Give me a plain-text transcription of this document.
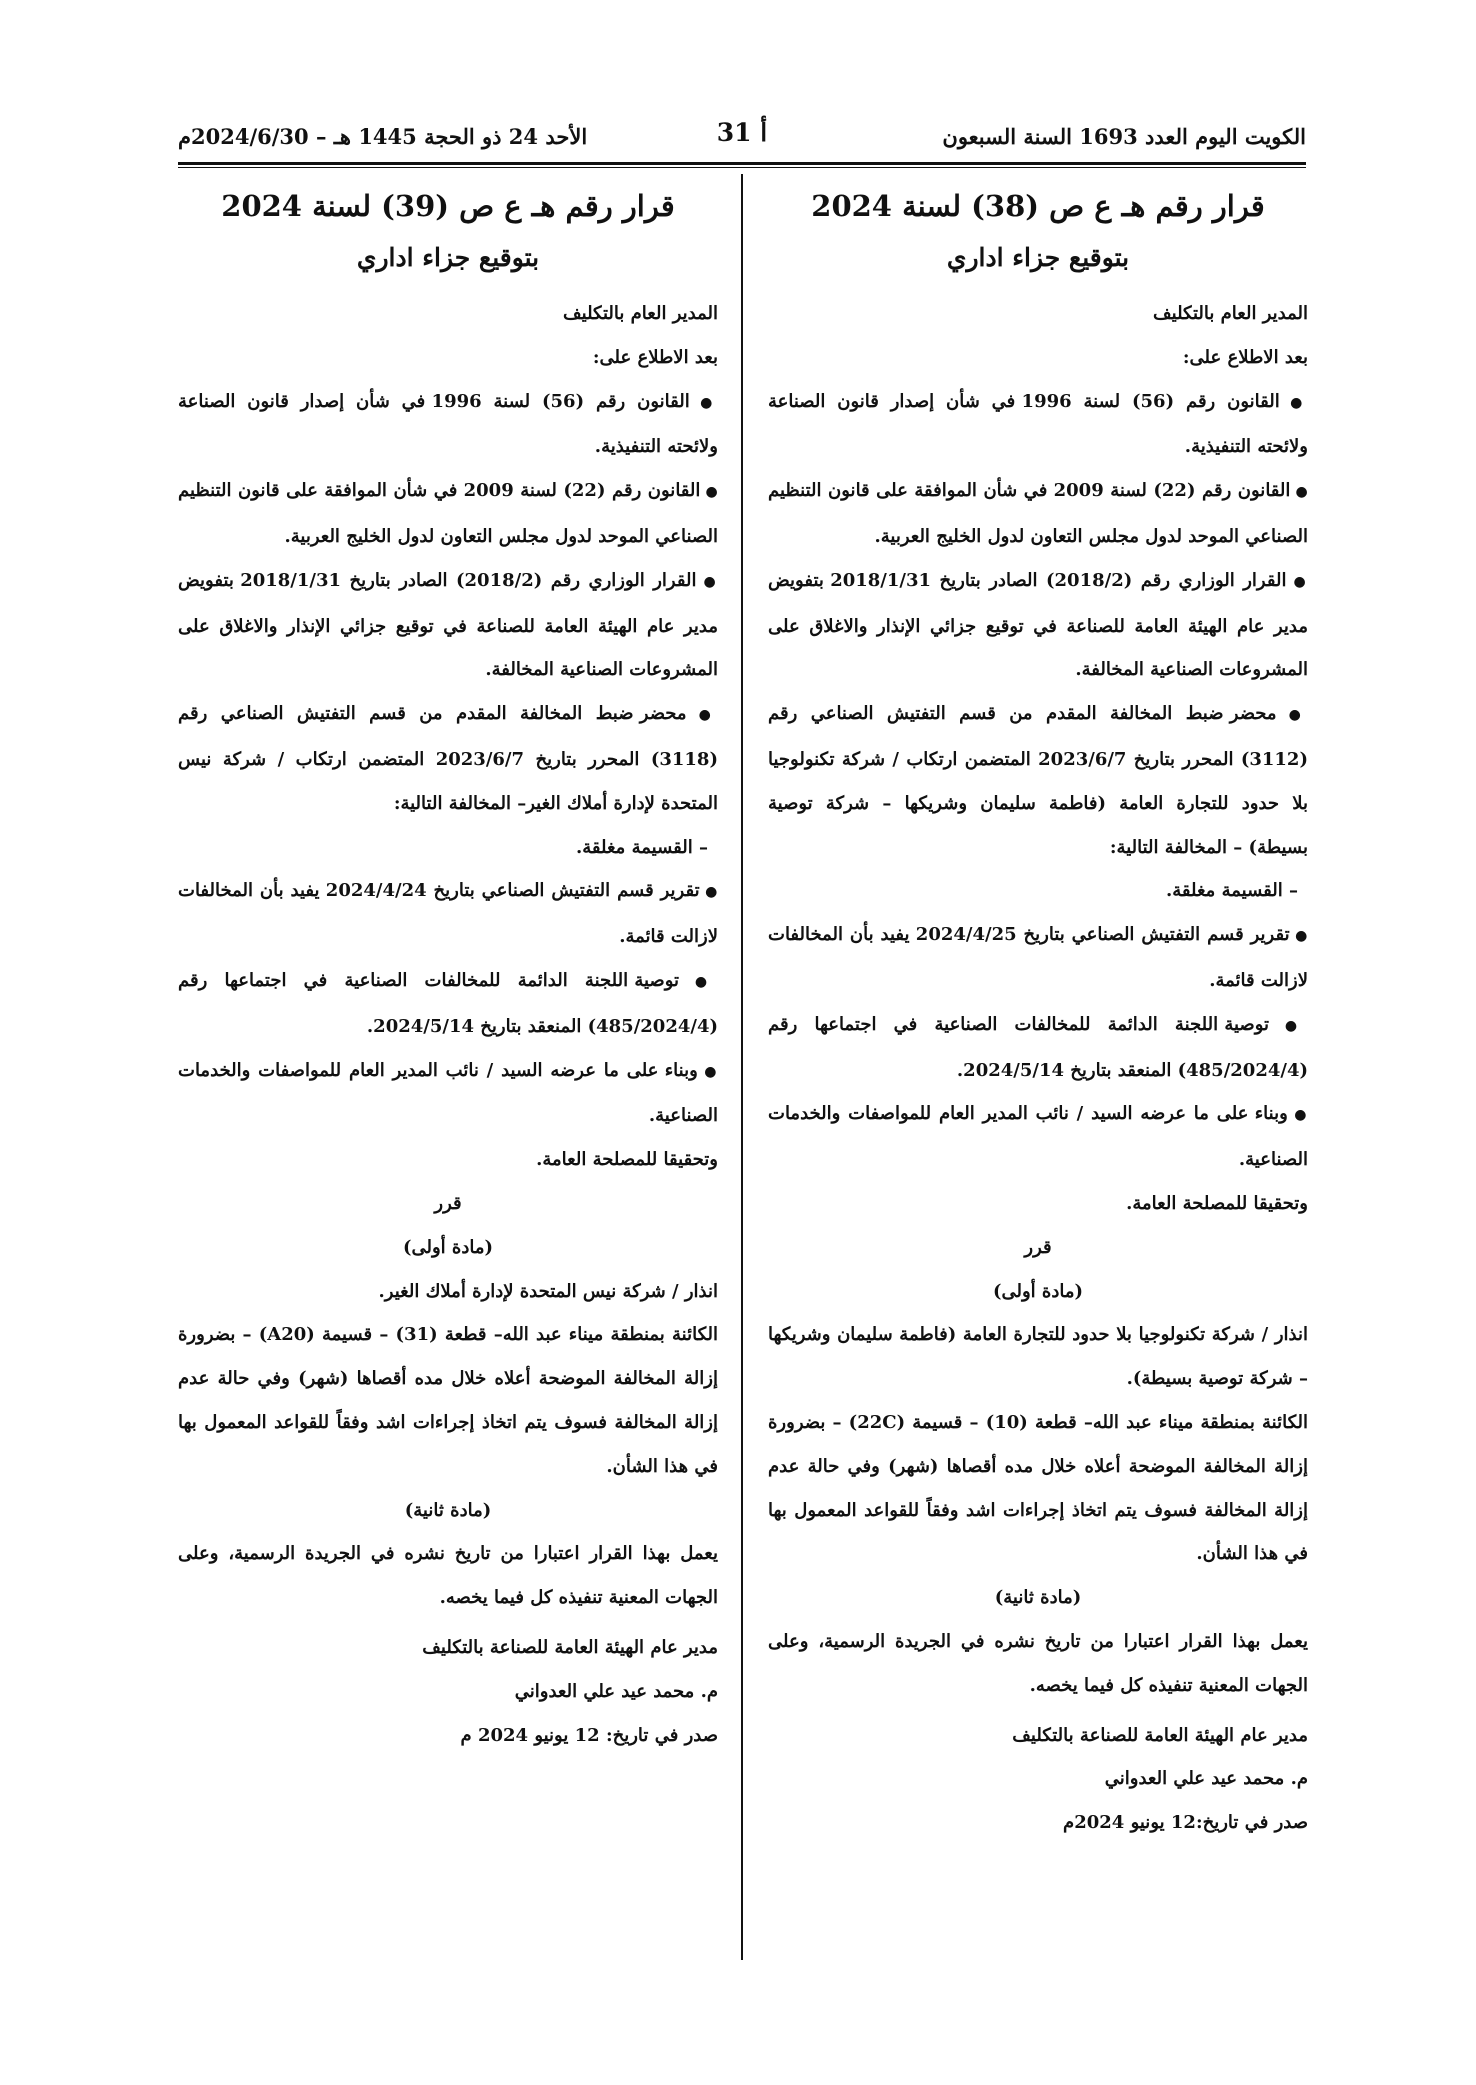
الكويت اليوم العدد 1693 السنة السبعون
أ 31
الأحد 24 ذو الحجة 1445 هـ – 2024/6/30م
قرار رقم هـ ع ص (38) لسنة 2024
بتوقيع جزاء اداري

المدير العام بالتكليف

بعد الاطلاع على:

● القانون رقم (56) لسنة 1996 في شأن إصدار قانون الصناعة ولائحته التنفيذية.

● القانون رقم (22) لسنة 2009 في شأن الموافقة على قانون التنظيم الصناعي الموحد لدول مجلس التعاون لدول الخليج العربية.

● القرار الوزاري رقم (2018/2) الصادر بتاريخ 2018/1/31 بتفويض مدير عام الهيئة العامة للصناعة في توقيع جزائي الإنذار والاغلاق على المشروعات الصناعية المخالفة.

● محضر ضبط المخالفة المقدم من قسم التفتيش الصناعي رقم (3112) المحرر بتاريخ 2023/6/7 المتضمن ارتكاب / شركة تكنولوجيا بلا حدود للتجارة العامة (فاطمة سليمان وشريكها – شركة توصية بسيطة) – المخالفة التالية:

– القسيمة مغلقة.

● تقرير قسم التفتيش الصناعي بتاريخ 2024/4/25 يفيد بأن المخالفات لازالت قائمة.

● توصية اللجنة الدائمة للمخالفات الصناعية في اجتماعها رقم (485/2024/4) المنعقد بتاريخ 2024/5/14.

● وبناء على ما عرضه السيد / نائب المدير العام للمواصفات والخدمات الصناعية.

وتحقيقا للمصلحة العامة.

قرر

(مادة أولى)

انذار / شركة تكنولوجيا بلا حدود للتجارة العامة (فاطمة سليمان وشريكها – شركة توصية بسيطة).

الكائنة بمنطقة ميناء عبد الله– قطعة (10) – قسيمة (22C) – بضرورة إزالة المخالفة الموضحة أعلاه خلال مده أقصاها (شهر) وفي حالة عدم إزالة المخالفة فسوف يتم اتخاذ إجراءات اشد وفقاً للقواعد المعمول بها في هذا الشأن.

(مادة ثانية)

يعمل بهذا القرار اعتبارا من تاريخ نشره في الجريدة الرسمية، وعلى الجهات المعنية تنفيذه كل فيما يخصه.

مدير عام الهيئة العامة للصناعة بالتكليف

م. محمد عيد علي العدواني

صدر في تاريخ:12 يونيو 2024م

قرار رقم هـ ع ص (39) لسنة 2024
بتوقيع جزاء اداري

المدير العام بالتكليف

بعد الاطلاع على:

● القانون رقم (56) لسنة 1996 في شأن إصدار قانون الصناعة ولائحته التنفيذية.

● القانون رقم (22) لسنة 2009 في شأن الموافقة على قانون التنظيم الصناعي الموحد لدول مجلس التعاون لدول الخليج العربية.

● القرار الوزاري رقم (2018/2) الصادر بتاريخ 2018/1/31 بتفويض مدير عام الهيئة العامة للصناعة في توقيع جزائي الإنذار والاغلاق على المشروعات الصناعية المخالفة.

● محضر ضبط المخالفة المقدم من قسم التفتيش الصناعي رقم (3118) المحرر بتاريخ 2023/6/7 المتضمن ارتكاب / شركة نيس المتحدة لإدارة أملاك الغير– المخالفة التالية:

– القسيمة مغلقة.

● تقرير قسم التفتيش الصناعي بتاريخ 2024/4/24 يفيد بأن المخالفات لازالت قائمة.

● توصية اللجنة الدائمة للمخالفات الصناعية في اجتماعها رقم (485/2024/4) المنعقد بتاريخ 2024/5/14.

● وبناء على ما عرضه السيد / نائب المدير العام للمواصفات والخدمات الصناعية.

وتحقيقا للمصلحة العامة.

قرر

(مادة أولى)

انذار / شركة نيس المتحدة لإدارة أملاك الغير.

الكائنة بمنطقة ميناء عبد الله– قطعة (31) – قسيمة (A20) – بضرورة إزالة المخالفة الموضحة أعلاه خلال مده أقصاها (شهر) وفي حالة عدم إزالة المخالفة فسوف يتم اتخاذ إجراءات اشد وفقاً للقواعد المعمول بها في هذا الشأن.

(مادة ثانية)

يعمل بهذا القرار اعتبارا من تاريخ نشره في الجريدة الرسمية، وعلى الجهات المعنية تنفيذه كل فيما يخصه.

مدير عام الهيئة العامة للصناعة بالتكليف

م. محمد عيد علي العدواني

صدر في تاريخ: 12 يونيو 2024 م
